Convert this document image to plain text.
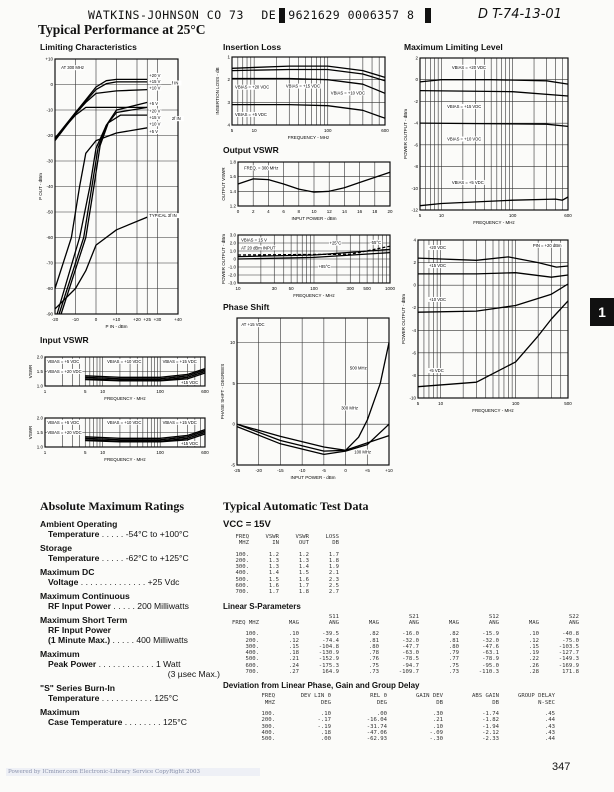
WATKINS-JOHNSON CO 73 DE 9621629 0006357 8	D T-74-13-01
Typical Performance at 25°C
Limiting Characteristics
-20	-10	0	+10	+20 +25 +30	+40
+10
0
-10
-20
-30
-40
-50
-60
-70
-80
-90
P IN - dBm
P OUT - dBm
AT 300 MHz
+20 V
+15 V
+10 V
+5 V
+20 V
+15 V
+10 V
+5 V
f IN
2f IN
TYPICAL 3f IN
Insertion Loss
5	10	100	600
1
2
3
4
FREQUENCY - MHz
INSERTION LOSS - dB	VBIAS = +20 VDC	VBIAS = +15 VDC
VBIAS = +10 VDC
VBIAS = +5 VDC
Output VSWR
0	2	4	6	8	10 12 14 16 18 20
1.2
1.4
1.6
1.8
INPUT POWER - dBm
OUTPUT VSWR	FREQ. = 300 MHz
10	30	50	100	300 500	1000
3.0
2.0
1.0
0
-1.0
-2.0
-3.0
FREQUENCY - MHz
POWER OUTPUT - dBm	VBIAS = 15 V
AT 20 dBm INPUT
+25°C	-55°C
+85°C
Phase Shift
-25	-20	-15	-10	-5	0	+5	+10
-5
0
5
10
INPUT POWER - dBm
PHASE SHIFT - DEGREES
AT +15 VDC
500 MHz
300 MHz
100 MHz
Maximum Limiting Level
5	10	100	600
2
0
-2
-4
-6
-8
-10
-12
FREQUENCY - MHz
POWER OUTPUT - dBm
VBIAS = +20 VDC
VBIAS = +15 VDC
VBIAS = +10 VDC
VBIAS = +5 VDC
5	10	100	500
4
2
0
-2
-4
-6
-8
-10
FREQUENCY - MHz
POWER OUTPUT - dBm
+20 VDC
+15 VDC
+10 VDC
+5 VDC
PIN = +20 dBm
1	5	10	100	600
1.0
1.5
2.0
FREQUENCY - MHz
VSWR
VBIAS = +5 VDC
VBIAS = +20 VDC
VBIAS = +10 VDC	VBIAS = +15 VDC
+15 VDC
1	5	10	100	600
1.0
1.5
2.0
FREQUENCY - MHz
VSWR
VBIAS = +5 VDC
VBIAS = +20 VDC
VBIAS = +10 VDC	VBIAS = +15 VDC
+15 VDC
Input VSWR
1
Absolute Maximum Ratings
Ambient Operating
Temperature . . . . . -54°C to +100°C
Storage
Temperature . . . . . -62°C to +125°C
Maximum DC
Voltage . . . . . . . . . . . . . . +25 Vdc
Maximum Continuous
RF Input Power . . . . . 200 Milliwatts
Maximum Short Term
RF Input Power
(1 Minute Max.) . . . . . 400 Milliwatts
Maximum
Peak Power . . . . . . . . . . . . 1 Watt
(3 µsec Max.)
"S" Series Burn-In
Temperature . . . . . . . . . . . 125°C
Maximum
Case Temperature . . . . . . . . 125°C
Typical Automatic Test Data
VCC = 15V
FREQ	VSWR	VSWR	LOSS
MHZ	IN	OUT	DB

100.	1.2	1.2	1.7
200.	1.3	1.3	1.8
300.	1.3	1.4	1.9
400.	1.4	1.5	2.1
500.	1.5	1.6	2.3
600.	1.6	1.7	2.5
700.	1.7	1.8	2.7
Linear S-Parameters
		S11		S21		S12		S22
FREQ MHZ	MAG	ANG	MAG	ANG	MAG	ANG	MAG	ANG

100.	.10	-39.5	.82	-16.0	.82	-15.9	.10	-40.8
200.	.12	-74.4	.81	-32.0	.81	-32.0	.12	-75.0
300.	.15	-104.8	.80	-47.7	.80	-47.6	.15	-103.5
400.	.18	-130.9	.78	-63.0	.79	-63.1	.19	-127.7
500.	.21	-152.9	.76	-78.5	.77	-78.9	.22	-149.3
600.	.24	-175.3	.75	-94.7	.75	-95.0	.26	-169.9
700.	.27	164.9	.73	-109.7	.73	-110.3	.28	171.8
Deviation from Linear Phase, Gain and Group Delay
FREQ	DEV LIN 0	REL 0	GAIN DEV	ABS GAIN	GROUP DELAY
MHZ	DEG	DEG	DB	DB	N-SEC

100.	.10	.00	.30	-1.74	.45
200.	-.17	-16.04	.21	-1.82	.44
300.	-.19	-31.74	.10	-1.94	.43
400.	.18	-47.06	-.09	-2.12	.43
500.	.00	-62.93	-.30	-2.33	.44
347
Powered by ICminer.com Electronic-Library Service CopyRight 2003
